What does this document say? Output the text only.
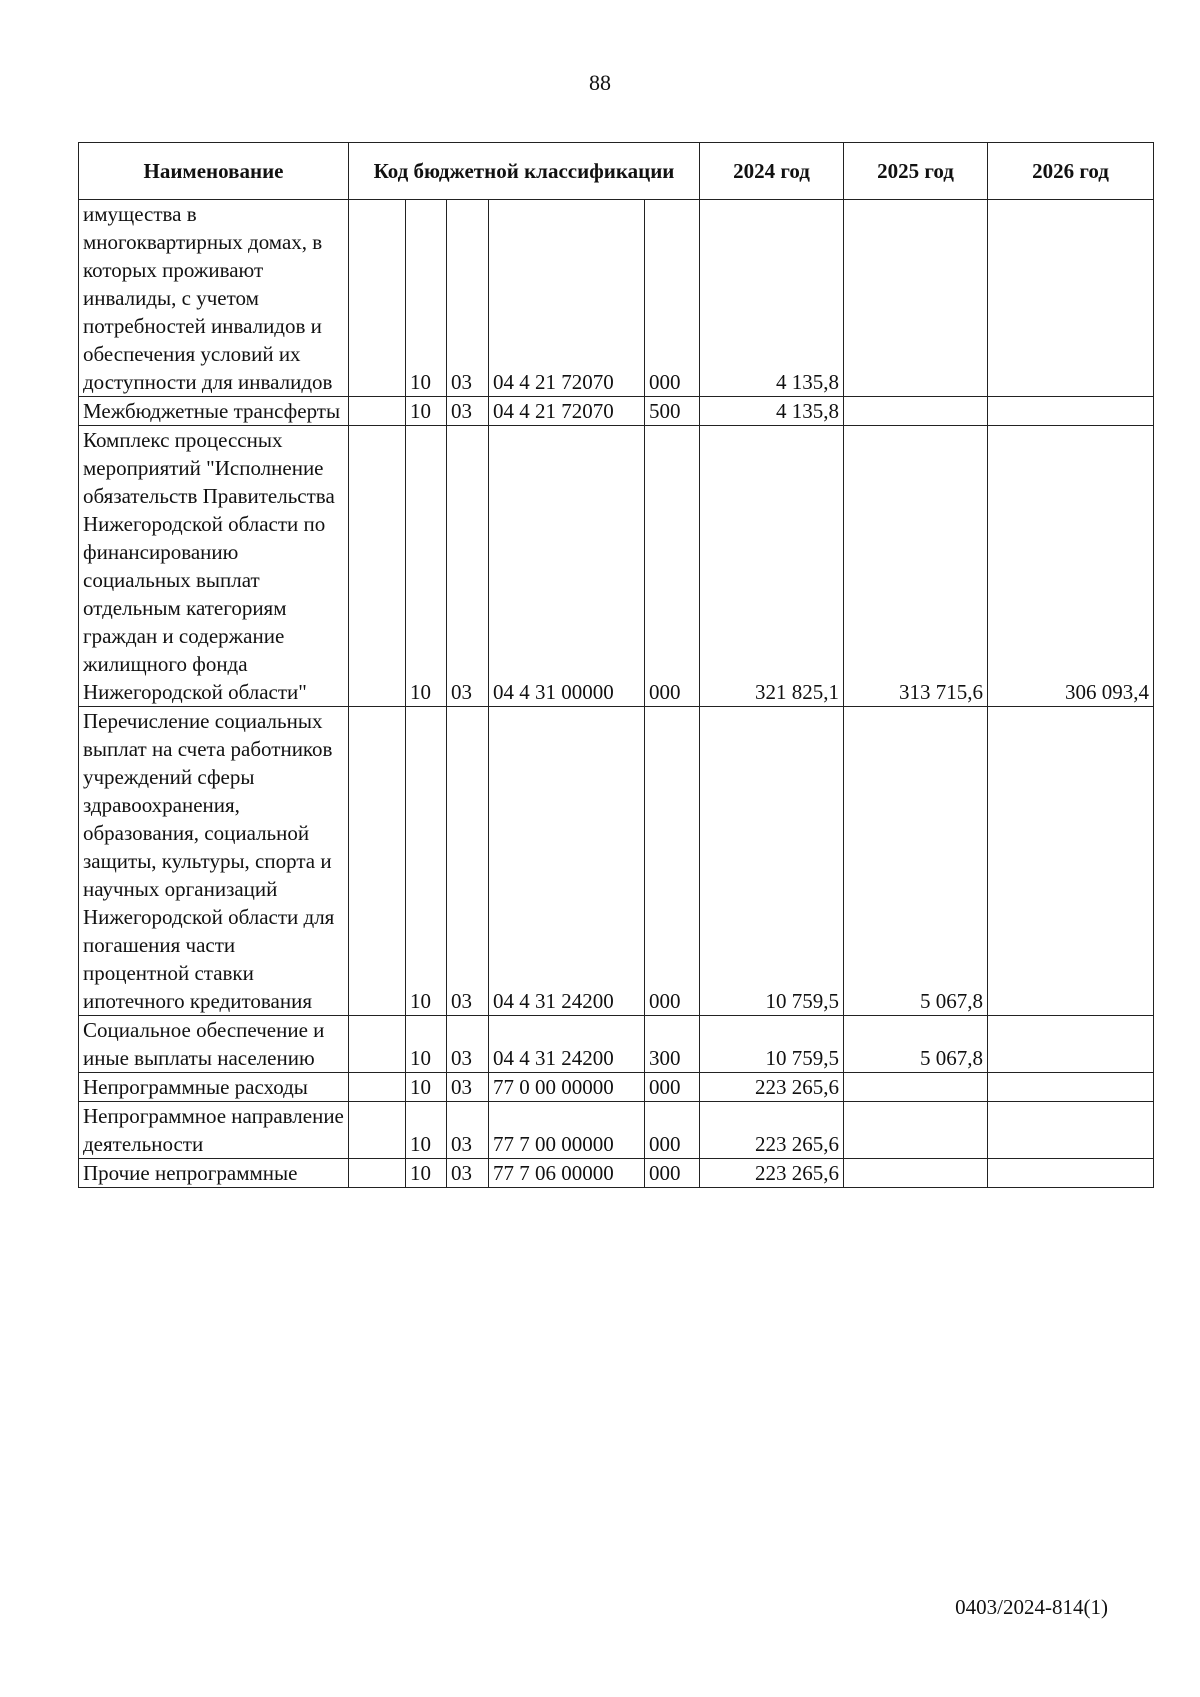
88
Наименование	Код бюджетной классификации					2024 год	2025 год	2026 год
имущества в многоквартирных домах, в которых проживают инвалиды, с учетом потребностей инвалидов и обеспечения условий их доступности для инвалидов		10	03	04 4 21 72070	000	4 135,8		
Межбюджетные трансферты		10	03	04 4 21 72070	500	4 135,8		
Комплекс процессных мероприятий "Исполнение обязательств Правительства Нижегородской области по финансированию социальных выплат отдельным категориям граждан и содержание жилищного фонда Нижегородской области"		10	03	04 4 31 00000	000	321 825,1	313 715,6	306 093,4
Перечисление социальных выплат на счета работников учреждений сферы здравоохранения, образования, социальной защиты, культуры, спорта и научных организаций Нижегородской области для погашения части процентной ставки ипотечного кредитования		10	03	04 4 31 24200	000	10 759,5	5 067,8	
Социальное обеспечение и иные выплаты населению		10	03	04 4 31 24200	300	10 759,5	5 067,8	
Непрограммные расходы		10	03	77 0 00 00000	000	223 265,6		
Непрограммное направление деятельности		10	03	77 7 00 00000	000	223 265,6		
Прочие непрограммные		10	03	77 7 06 00000	000	223 265,6		
0403/2024-814(1)
